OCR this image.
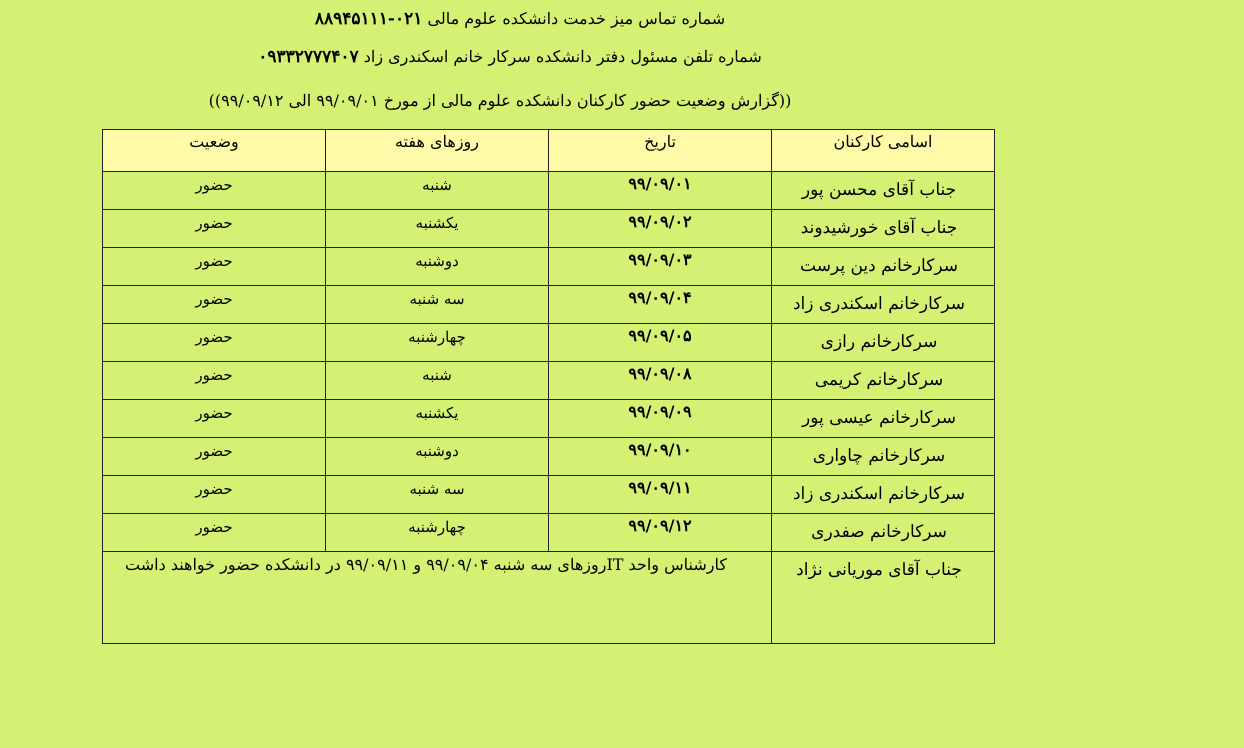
شماره تماس میز خدمت دانشکده علوم مالی ۰۲۱-۸۸۹۴۵۱۱۱
شماره تلفن مسئول دفتر دانشکده سرکار خانم اسکندری زاد ۰۹۳۳۲۷۷۷۴۰۷
((گزارش وضعیت حضور کارکنان دانشکده علوم مالی از مورخ ۹۹/۰۹/۰۱ الی ۹۹/۰۹/۱۲))
اسامی کارکنان	تاریخ	روزهای هفته	وضعیت
جناب آقای محسن پور	۹۹/۰۹/۰۱	شنبه	حضور
جناب آقای خورشیدوند	۹۹/۰۹/۰۲	یکشنبه	حضور
سرکارخانم دین پرست	۹۹/۰۹/۰۳	دوشنبه	حضور
سرکارخانم اسکندری زاد	۹۹/۰۹/۰۴	سه شنبه	حضور
سرکارخانم رازی	۹۹/۰۹/۰۵	چهارشنبه	حضور
سرکارخانم کریمی	۹۹/۰۹/۰۸	شنبه	حضور
سرکارخانم عیسی پور	۹۹/۰۹/۰۹	یکشنبه	حضور
سرکارخانم چاواری	۹۹/۰۹/۱۰	دوشنبه	حضور
سرکارخانم اسکندری زاد	۹۹/۰۹/۱۱	سه شنبه	حضور
سرکارخانم صفدری	۹۹/۰۹/۱۲	چهارشنبه	حضور
جناب آقای موریانی نژاد	کارشناس واحد ITروزهای سه شنبه ۹۹/۰۹/۰۴ و ۹۹/۰۹/۱۱ در دانشکده حضور خواهند داشت		
